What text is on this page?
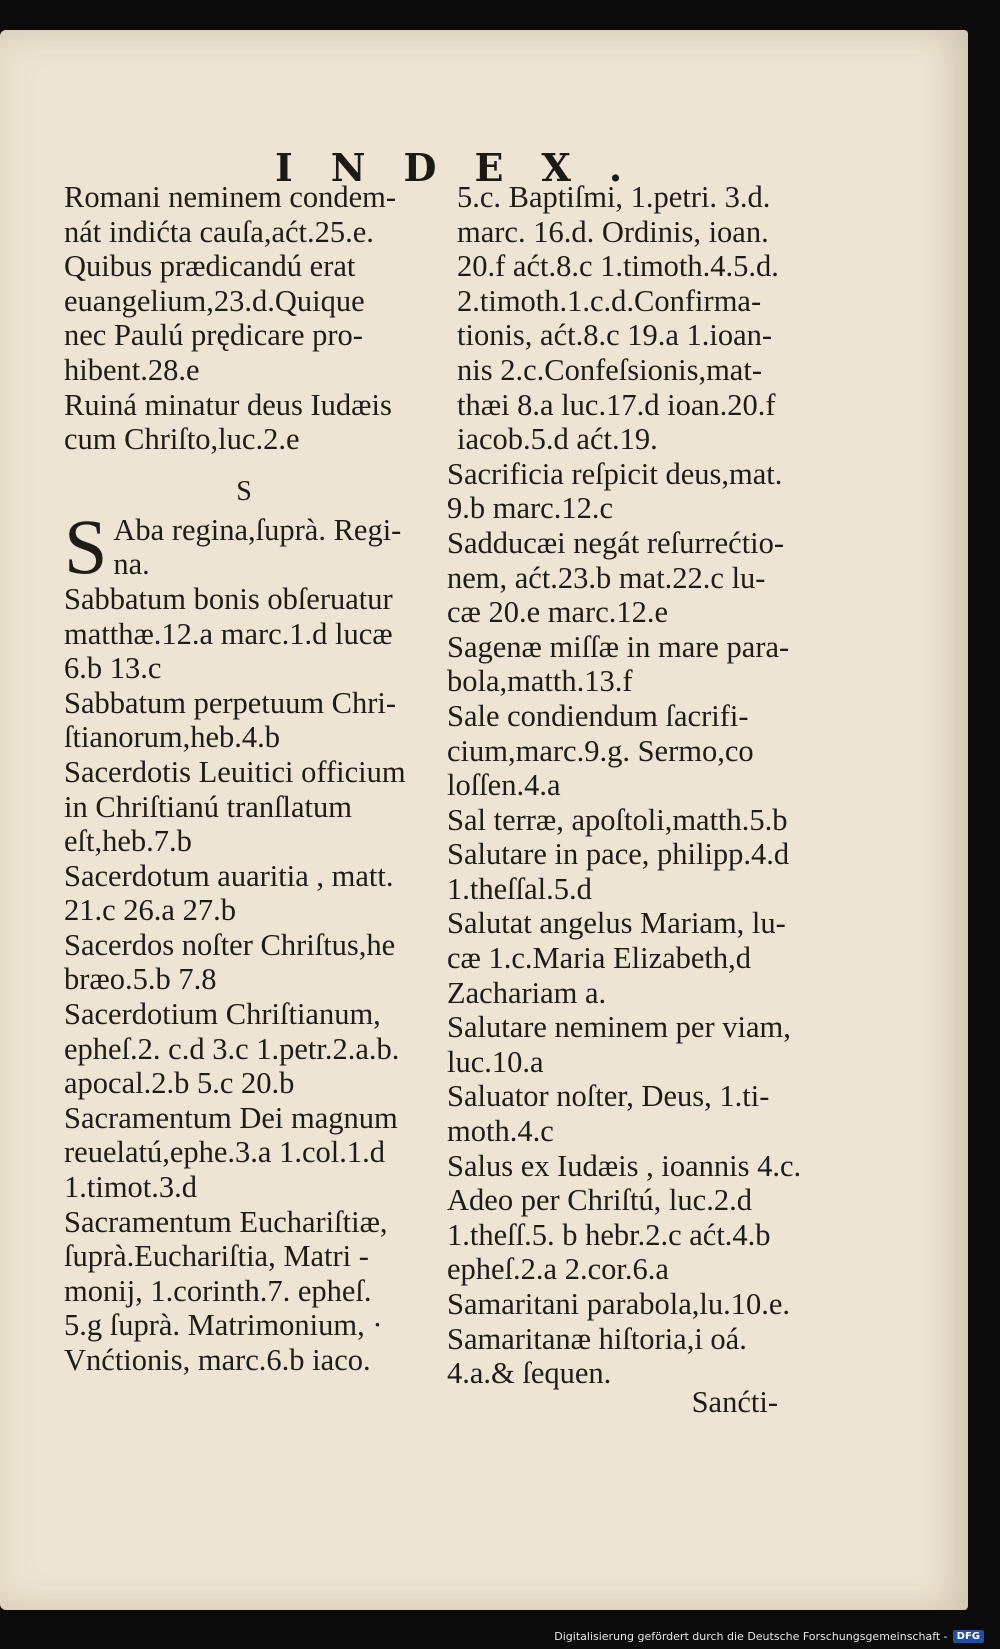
INDEX.

Romani neminem condem-
nát indićta cauſa,aćt.25.e.
Quibus prædicandú erat
euangelium,23.d.Quique
nec Paulú prędicare pro-
hibent.28.e

Ruiná minatur deus Iudæis
cum Chriſto,luc.2.e

S
S Aba regina,ſuprà. Regi-
na.

Sabbatum bonis obſeruatur
matthæ.12.a marc.1.d lucæ
6.b 13.c

Sabbatum perpetuum Chri-
ſtianorum,heb.4.b

Sacerdotis Leuitici officium
in Chriſtianú tranſlatum
eſt,heb.7.b

Sacerdotum auaritia , matt.
21.c 26.a 27.b

Sacerdos noſter Chriſtus,he
bræo.5.b 7.8

Sacerdotium Chriſtianum,
epheſ.2. c.d 3.c 1.petr.2.a.b.
apocal.2.b 5.c 20.b

Sacramentum Dei magnum
reuelatú,ephe.3.a 1.col.1.d
1.timot.3.d

Sacramentum Euchariſtiæ,
ſuprà.Euchariſtia, Matri -
monij, 1.corinth.7. epheſ.
5.g ſuprà. Matrimonium, ·
Vnćtionis, marc.6.b iaco.

5.c. Baptiſmi, 1.petri. 3.d.
marc. 16.d. Ordinis, ioan.
20.f aćt.8.c 1.timoth.4.5.d.
2.timoth.1.c.d.Confirma-
tionis, aćt.8.c 19.a 1.ioan-
nis 2.c.Confeſsionis,mat-
thæi 8.a luc.17.d ioan.20.f
iacob.5.d aćt.19.

Sacrificia reſpicit deus,mat.
9.b marc.12.c

Sadducæi negát reſurrećtio-
nem, aćt.23.b mat.22.c lu-
cæ 20.e marc.12.e

Sagenæ miſſæ in mare para-
bola,matth.13.f

Sale condiendum ſacrifi-
cium,marc.9.g. Sermo,co
loſſen.4.a

Sal terræ, apoſtoli,matth.5.b

Salutare in pace, philipp.4.d
1.theſſal.5.d

Salutat angelus Mariam, lu-
cæ 1.c.Maria Elizabeth,d
Zachariam a.

Salutare neminem per viam,
luc.10.a

Saluator noſter, Deus, 1.ti-
moth.4.c

Salus ex Iudæis , ioannis 4.c.
Adeo per Chriſtú, luc.2.d
1.theſſ.5. b hebr.2.c aćt.4.b
epheſ.2.a 2.cor.6.a

Samaritani parabola,lu.10.e.

Samaritanæ hiſtoria,i oá.
4.a.& ſequen.

Sanćti-
Digitalisierung gefördert durch die Deutsche Forschungsgemeinschaft - DFG
